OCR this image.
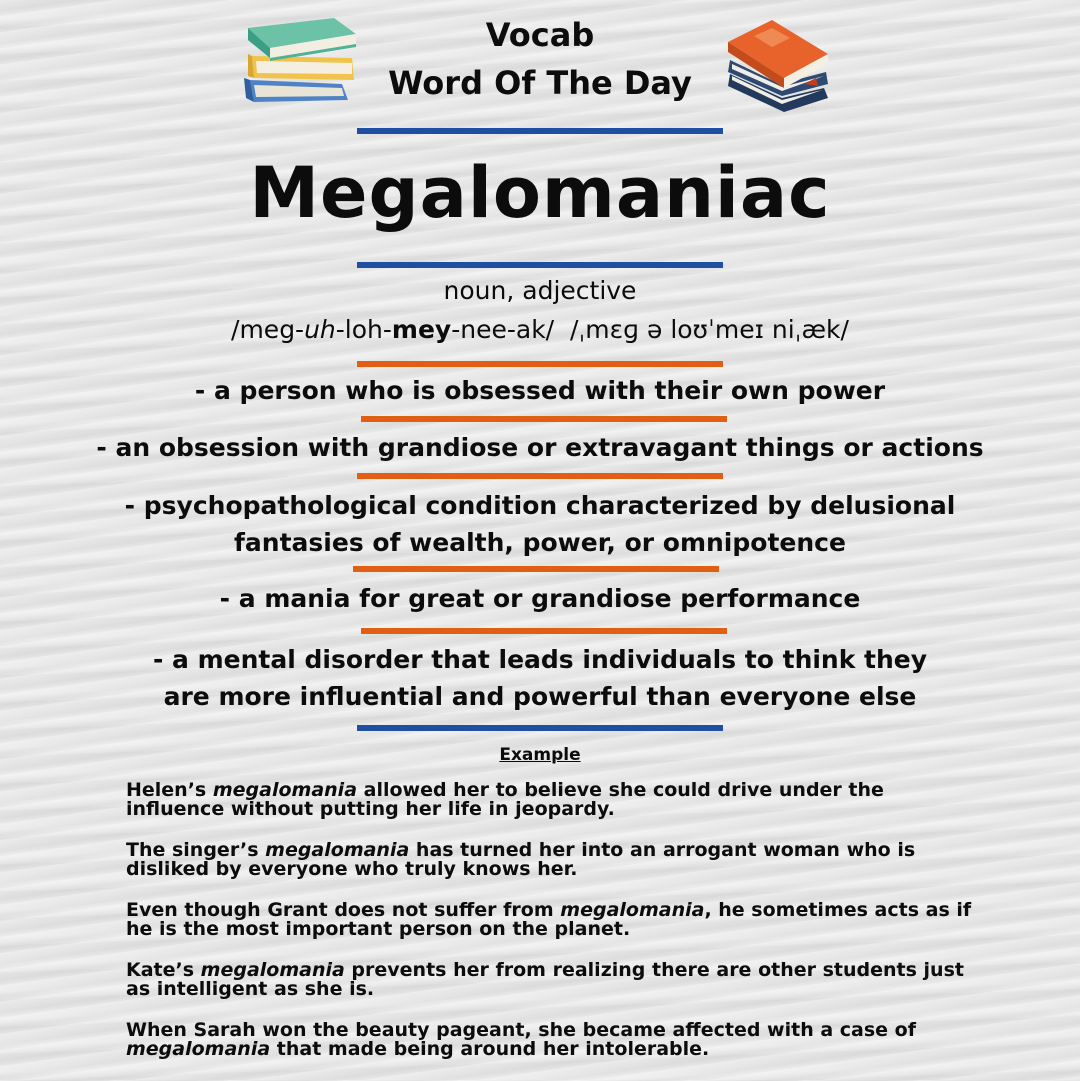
Vocab
Word Of The Day
Megalomaniac
noun, adjective
/meg-uh-loh-mey-nee-ak/ /ˌmɛɡ ə loʊˈmeɪ niˌæk/
- a person who is obsessed with their own power
- an obsession with grandiose or extravagant things or actions
- psychopathological condition characterized by delusional fantasies of wealth, power, or omnipotence
- a mania for great or grandiose performance
- a mental disorder that leads individuals to think they are more influential and powerful than everyone else
Example

Helen’s megalomania allowed her to believe she could drive under the influence without putting her life in jeopardy.

The singer’s megalomania has turned her into an arrogant woman who is disliked by everyone who truly knows her.

Even though Grant does not suffer from megalomania, he sometimes acts as if he is the most important person on the planet.

Kate’s megalomania prevents her from realizing there are other students just as intelligent as she is.

When Sarah won the beauty pageant, she became affected with a case of megalomania that made being around her intolerable.
